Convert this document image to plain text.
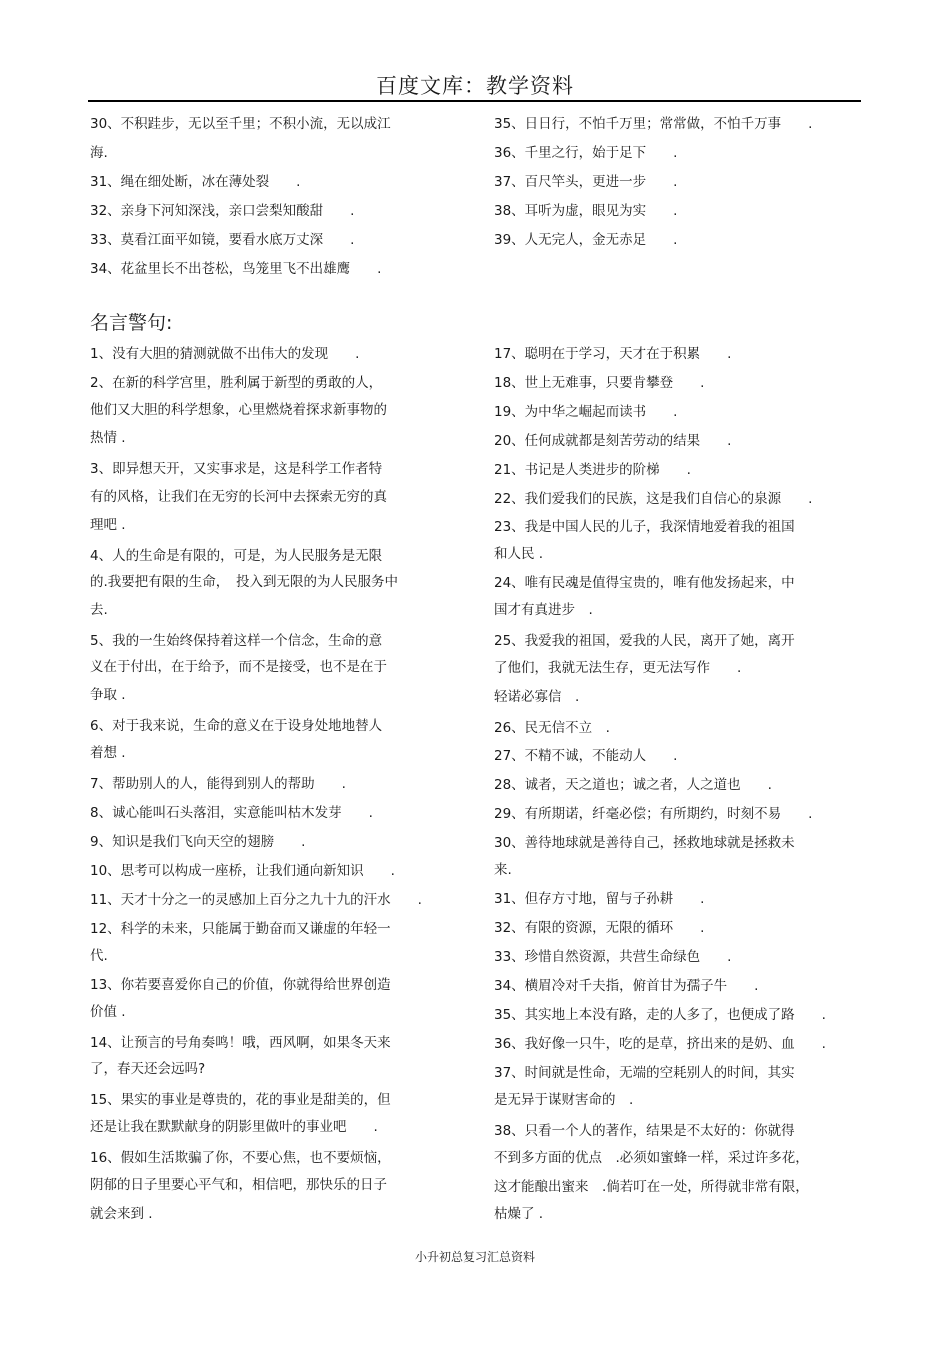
百度文库：教学资料
30、不积跬步，无以至千里；不积小流，无以成江
海.
31、绳在细处断，冰在薄处裂　　.
32、亲身下河知深浅，亲口尝梨知酸甜　　.
33、莫看江面平如镜，要看水底万丈深　　.
34、花盆里长不出苍松，鸟笼里飞不出雄鹰　　.
35、日日行，不怕千万里；常常做，不怕千万事　　.
36、千里之行，始于足下　　.
37、百尺竿头，更进一步　　.
38、耳听为虚，眼见为实　　.
39、人无完人，金无赤足　　.
名言警句:
1、没有大胆的猜测就做不出伟大的发现　　.
2、在新的科学宫里，胜利属于新型的勇敢的人，
他们又大胆的科学想象，心里燃烧着探求新事物的
热情 .
3、即异想天开，又实事求是，这是科学工作者特
有的风格，让我们在无穷的长河中去探索无穷的真
理吧 .
4、人的生命是有限的，可是，为人民服务是无限
的.我要把有限的生命，　投入到无限的为人民服务中
去.
5、我的一生始终保持着这样一个信念，生命的意
义在于付出，在于给予，而不是接受，也不是在于
争取 .
6、对于我来说，生命的意义在于设身处地地替人
着想 .
7、帮助别人的人，能得到别人的帮助　　.
8、诚心能叫石头落泪，实意能叫枯木发芽　　.
9、知识是我们飞向天空的翅膀　　.
10、思考可以构成一座桥，让我们通向新知识　　.
11、天才十分之一的灵感加上百分之九十九的汗水　　.
12、科学的未来，只能属于勤奋而又谦虚的年轻一
代.
13、你若要喜爱你自己的价值，你就得给世界创造
价值 .
14、让预言的号角奏鸣！哦，西风啊，如果冬天来
了，春天还会远吗?
15、果实的事业是尊贵的，花的事业是甜美的，但
还是让我在默默献身的阴影里做叶的事业吧　　.
16、假如生活欺骗了你，不要心焦，也不要烦恼，
阴郁的日子里要心平气和，相信吧，那快乐的日子
就会来到 .
17、聪明在于学习，天才在于积累　　.
18、世上无难事，只要肯攀登　　.
19、为中华之崛起而读书　　.
20、任何成就都是刻苦劳动的结果　　.
21、书记是人类进步的阶梯　　.
22、我们爱我们的民族，这是我们自信心的泉源　　.
23、我是中国人民的儿子，我深情地爱着我的祖国
和人民 .
24、唯有民魂是值得宝贵的，唯有他发扬起来，中
国才有真进步　.
25、我爱我的祖国，爱我的人民，离开了她，离开
了他们，我就无法生存，更无法写作　　.
轻诺必寡信　.
26、民无信不立　.
27、不精不诚，不能动人　　.
28、诚者，天之道也；诚之者，人之道也　　.
29、有所期诺，纤毫必偿；有所期约，时刻不易　　.
30、善待地球就是善待自己，拯救地球就是拯救未
来.
31、但存方寸地，留与子孙耕　　.
32、有限的资源，无限的循环　　.
33、珍惜自然资源，共营生命绿色　　.
34、横眉冷对千夫指，俯首甘为孺子牛　　.
35、其实地上本没有路，走的人多了，也便成了路　　.
36、我好像一只牛，吃的是草，挤出来的是奶、血　　.
37、时间就是性命，无端的空耗别人的时间，其实
是无异于谋财害命的　.
38、只看一个人的著作，结果是不太好的：你就得
不到多方面的优点　.必须如蜜蜂一样，采过许多花，
这才能酿出蜜来　.倘若叮在一处，所得就非常有限，
枯燥了 .
小升初总复习汇总资料
